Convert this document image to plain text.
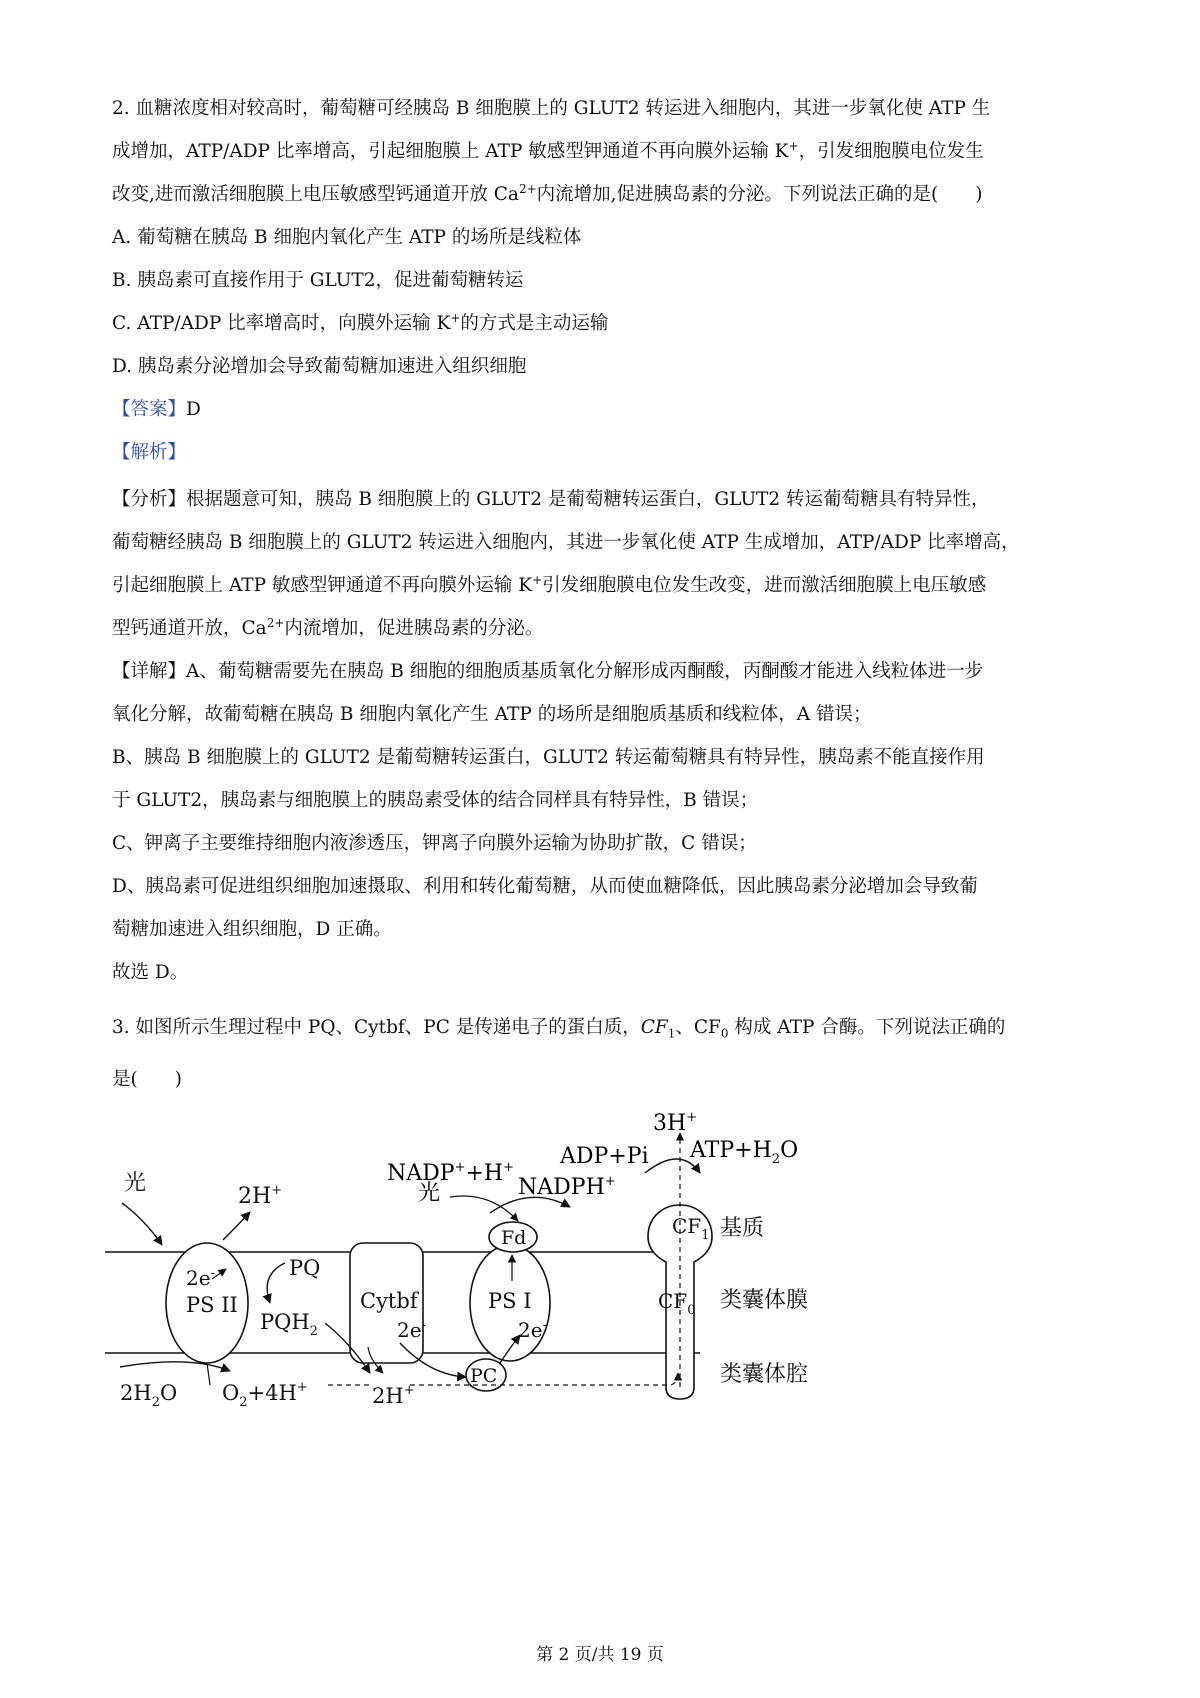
2. 血糖浓度相对较高时，葡萄糖可经胰岛 B 细胞膜上的 GLUT2 转运进入细胞内，其进一步氧化使 ATP 生
成增加，ATP/ADP 比率增高，引起细胞膜上 ATP 敏感型钾通道不再向膜外运输 K+，引发细胞膜电位发生
改变,进而激活细胞膜上电压敏感型钙通道开放 $Ca^{2+}$内流增加,促进胰岛素的分泌。下列说法正确的是(　　)
A. 葡萄糖在胰岛 B 细胞内氧化产生 ATP 的场所是线粒体
B. 胰岛素可直接作用于 GLUT2，促进葡萄糖转运
C. ATP/ADP 比率增高时，向膜外运输 K+的方式是主动运输
D. 胰岛素分泌增加会导致葡萄糖加速进入组织细胞
【答案】D
【解析】
【分析】根据题意可知，胰岛 B 细胞膜上的 GLUT2 是葡萄糖转运蛋白，GLUT2 转运葡萄糖具有特异性，
葡萄糖经胰岛 B 细胞膜上的 GLUT2 转运进入细胞内，其进一步氧化使 ATP 生成增加，ATP/ADP 比率增高，
引起细胞膜上 ATP 敏感型钾通道不再向膜外运输 K+引发细胞膜电位发生改变，进而激活细胞膜上电压敏感
型钙通道开放，$Ca^{2+}$内流增加，促进胰岛素的分泌。
【详解】A、葡萄糖需要先在胰岛 B 细胞的细胞质基质氧化分解形成丙酮酸，丙酮酸才能进入线粒体进一步
氧化分解，故葡萄糖在胰岛 B 细胞内氧化产生 ATP 的场所是细胞质基质和线粒体，A 错误；
B、胰岛 B 细胞膜上的 GLUT2 是葡萄糖转运蛋白，GLUT2 转运葡萄糖具有特异性，胰岛素不能直接作用
于 GLUT2，胰岛素与细胞膜上的胰岛素受体的结合同样具有特异性，B 错误；
C、钾离子主要维持细胞内液渗透压，钾离子向膜外运输为协助扩散，C 错误；
D、胰岛素可促进组织细胞加速摄取、利用和转化葡萄糖，从而使血糖降低，因此胰岛素分泌增加会导致葡
萄糖加速进入组织细胞，D 正确。
故选 D。
3. 如图所示生理过程中 PQ、Cytbf、PC 是传递电子的蛋白质，$CF_1$、$CF_0$ 构成 ATP 合酶。下列说法正确的
是(　　)
光
2H+
2e-
PS II
PQ
$PQH_2$
Cytbf
2e-
PS I
2e-
Fd
PC
$CF_1$
$CF_0$
基质
类囊体膜
类囊体腔
$2H_2O$ $O_2+4H^+$	2H+
NADP++H+
光	NADPH+
ADP+Pi $ATP+H_2O$
3H+
第 2 页/共 19 页
